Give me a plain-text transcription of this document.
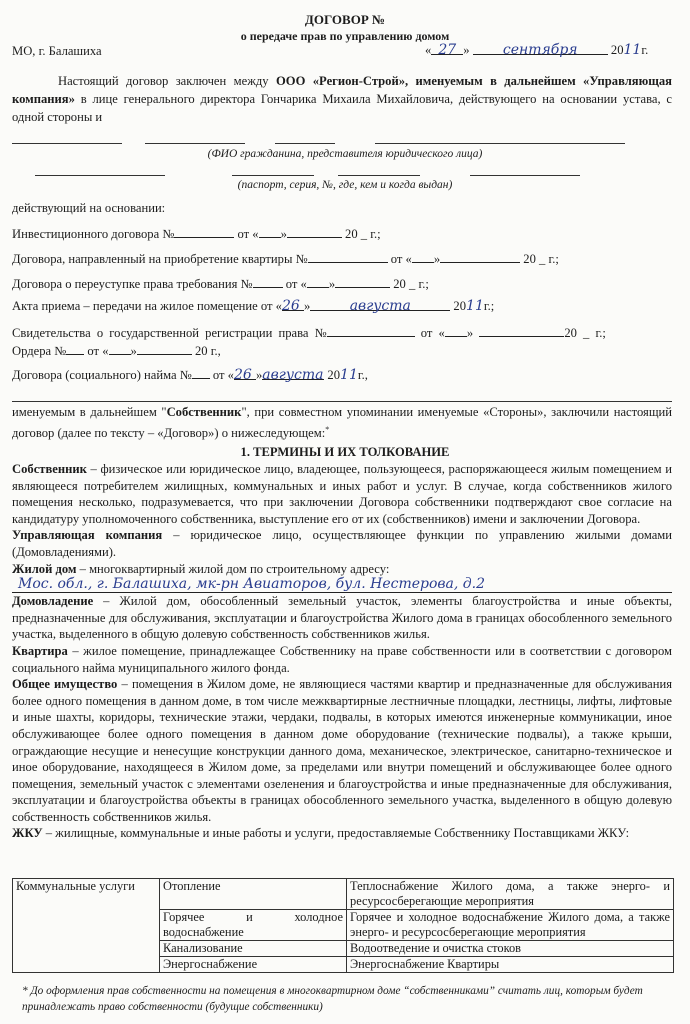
ДОГОВОР №
о передаче прав по управлению домом
МО, г. Балашиха	« 27 » сентября	2011г.
Настоящий договор заключен между ООО «Регион-Строй», именуемым в дальнейшем «Управляющая компания» в лице генерального директора Гончарика Михаила Михайловича, действующего на основании устава, с одной стороны и
(ФИО гражданина, представителя юридического лица)
(паспорт, серия, №, где, кем и когда выдан)
действующий на основании:
Инвестиционного договора №	от « »	20 _ г.;
Договора, направленный на приобретение квартиры №	от « »	20 _ г.;
Договора о переуступке права требования № от « »	20 _ г.;
Акта приема – передачи на жилое помещение от «26 »	августа	2011г.;
Свидетельства о государственной регистрации права №	от « »	20 _ г.;
Ордера № от « »	20 г.,
Договора (социального) найма № от «26 »августа 2011г.,
именуемым в дальнейшем "Собственник", при совместном упоминании именуемые «Стороны», заключили настоящий договор (далее по тексту – «Договор») о нижеследующем:*
1. ТЕРМИНЫ И ИХ ТОЛКОВАНИЕ
Собственник – физическое или юридическое лицо, владеющее, пользующееся, распоряжающееся жилым помещением и являющееся потребителем жилищных, коммунальных и иных работ и услуг. В случае, когда собственников жилого помещения несколько, подразумевается, что при заключении Договора собственники подтверждают свое согласие на кандидатуру уполномоченного собственника, выступление его от их (собственников) имени и заключении Договора.
Управляющая компания – юридическое лицо, осуществляющее функции по управлению жилыми домами (Домовладениями).
Жилой дом – многоквартирный жилой дом по строительному адресу:

Мос. обл., г. Балашиха, мк-рн Авиаторов, бул. Нестерова, д.2
Домовладение – Жилой дом, обособленный земельный участок, элементы благоустройства и иные объекты, предназначенные для обслуживания, эксплуатации и благоустройства Жилого дома в границах обособленного земельного участка, выделенного в общую долевую собственность собственников жилья.
Квартира – жилое помещение, принадлежащее Собственнику на праве собственности или в соответствии с договором социального найма муниципального жилого фонда.
Общее имущество – помещения в Жилом доме, не являющиеся частями квартир и предназначенные для обслуживания более одного помещения в данном доме, в том числе межквартирные лестничные площадки, лестницы, лифты, лифтовые и иные шахты, коридоры, технические этажи, чердаки, подвалы, в которых имеются инженерные коммуникации, иное обслуживающее более одного помещения в данном доме оборудование (технические подвалы), а также крыши, ограждающие несущие и ненесущие конструкции данного дома, механическое, электрическое, санитарно-техническое и иное оборудование, находящееся в Жилом доме, за пределами или внутри помещений и обслуживающее более одного помещения, земельный участок с элементами озеленения и благоустройства и иные предназначенные для обслуживания, эксплуатации и благоустройства объекты в границах обособленного земельного участка, выделенного в общую долевую собственность собственников жилья.
ЖКУ – жилищные, коммунальные и иные работы и услуги, предоставляемые Собственнику Поставщиками ЖКУ:
Коммунальные услуги	Отопление	Теплоснабжение Жилого дома, а также энерго- и ресурсосберегающие мероприятия
	Горячее и холодное водоснабжение	Горячее и холодное водоснабжение Жилого дома, а также энерго- и ресурсосберегающие мероприятия
	Канализование	Водоотведение и очистка стоков
	Энергоснабжение	Энергоснабжение Квартиры
* До оформления прав собственности на помещения в многоквартирном доме “собственниками” считать лиц, которым будет принадлежать право собственности (будущие собственники)
